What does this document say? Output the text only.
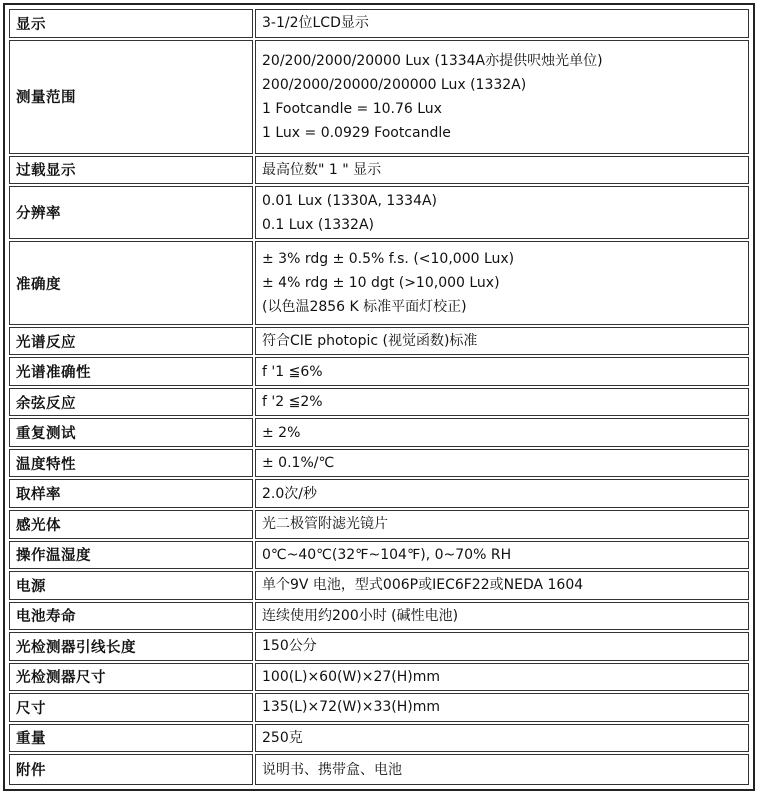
显示	3-1/2位LCD显示

测量范围	20/200/2000/20000 Lux (1334A亦提供呎烛光单位)
200/2000/20000/200000 Lux (1332A)
1 Footcandle = 10.76 Lux
1 Lux = 0.0929 Footcandle

过载显示	最高位数" 1 " 显示

分辨率	0.01 Lux (1330A, 1334A)
0.1 Lux (1332A)

准确度	± 3% rdg ± 0.5% f.s. (<10,000 Lux)
± 4% rdg ± 10 dgt (>10,000 Lux)
(以色温2856 K 标准平面灯校正)

光谱反应	符合CIE photopic (视觉函数)标准

光谱准确性	f '1 ≦6%

余弦反应	f '2 ≦2%

重复测试	± 2%

温度特性	± 0.1%/℃

取样率	2.0次/秒

感光体	光二极管附滤光镜片

操作温湿度	0℃~40℃(32℉~104℉), 0~70% RH

电源	单个9V 电池，型式006P或IEC6F22或NEDA 1604

电池寿命	连续使用约200小时 (碱性电池)

光检测器引线长度	150公分

光检测器尺寸	100(L)×60(W)×27(H)mm

尺寸	135(L)×72(W)×33(H)mm

重量	250克

附件	说明书、携带盒、电池
